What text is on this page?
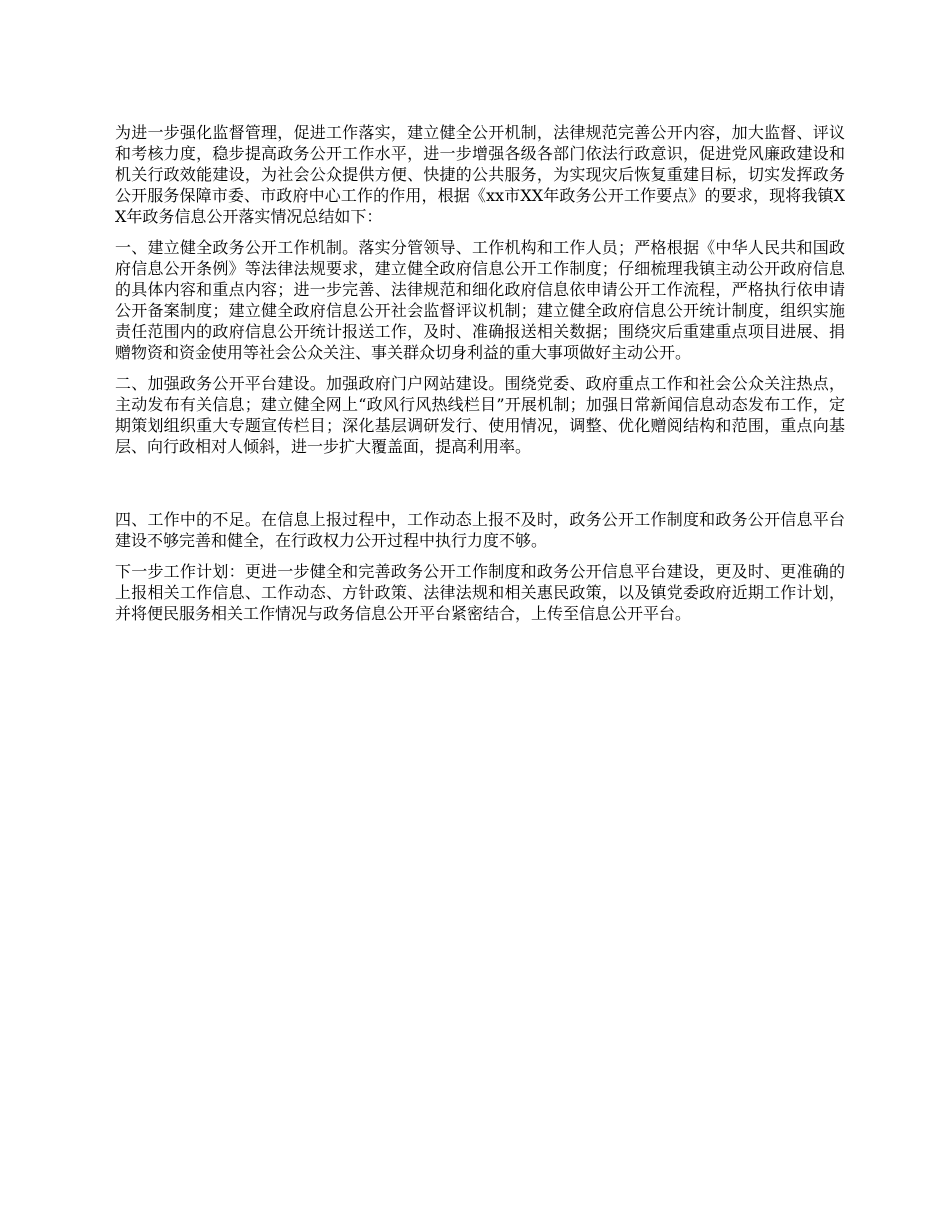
为进一步强化监督管理，促进工作落实，建立健全公开机制，法律规范完善公开内容，加大监督、评议和考核力度，稳步提高政务公开工作水平，进一步增强各级各部门依法行政意识，促进党风廉政建设和机关行政效能建设，为社会公众提供方便、快捷的公共服务，为实现灾后恢复重建目标，切实发挥政务公开服务保障市委、市政府中心工作的作用，根据《xx市XX年政务公开工作要点》的要求，现将我镇XX年政务信息公开落实情况总结如下：

一、建立健全政务公开工作机制。落实分管领导、工作机构和工作人员；严格根据《中华人民共和国政府信息公开条例》等法律法规要求，建立健全政府信息公开工作制度；仔细梳理我镇主动公开政府信息的具体内容和重点内容；进一步完善、法律规范和细化政府信息依申请公开工作流程，严格执行依申请公开备案制度；建立健全政府信息公开社会监督评议机制；建立健全政府信息公开统计制度，组织实施责任范围内的政府信息公开统计报送工作，及时、准确报送相关数据；围绕灾后重建重点项目进展、捐赠物资和资金使用等社会公众关注、事关群众切身利益的重大事项做好主动公开。

二、加强政务公开平台建设。加强政府门户网站建设。围绕党委、政府重点工作和社会公众关注热点，主动发布有关信息；建立健全网上“政风行风热线栏目”开展机制；加强日常新闻信息动态发布工作，定期策划组织重大专题宣传栏目；深化基层调研发行、使用情况，调整、优化赠阅结构和范围，重点向基层、向行政相对人倾斜，进一步扩大覆盖面，提高利用率。

四、工作中的不足。在信息上报过程中，工作动态上报不及时，政务公开工作制度和政务公开信息平台建设不够完善和健全，在行政权力公开过程中执行力度不够。

下一步工作计划：更进一步健全和完善政务公开工作制度和政务公开信息平台建设，更及时、更准确的上报相关工作信息、工作动态、方针政策、法律法规和相关惠民政策，以及镇党委政府近期工作计划，并将便民服务相关工作情况与政务信息公开平台紧密结合，上传至信息公开平台。
